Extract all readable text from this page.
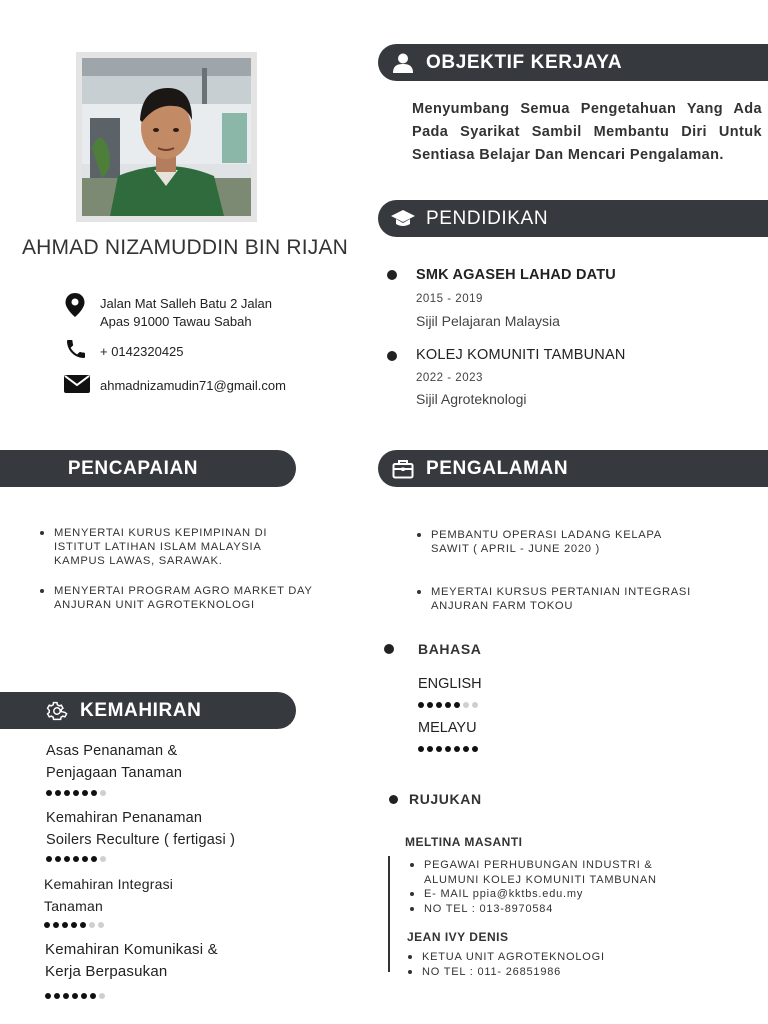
AHMAD NIZAMUDDIN BIN RIJAN
Jalan Mat Salleh Batu 2 Jalan
Apas 91000 Tawau Sabah
+ 0142320425
ahmadnizamudin71@gmail.com
OBJEKTIF KERJAYA
Menyumbang Semua Pengetahuan Yang Ada Pada Syarikat Sambil Membantu Diri Untuk Sentiasa Belajar Dan Mencari Pengalaman.
PENDIDIKAN
SMK AGASEH LAHAD DATU
2015 - 2019
Sijil Pelajaran Malaysia
KOLEJ KOMUNITI TAMBUNAN
2022 - 2023
Sijil Agroteknologi
PENCAPAIAN
MENYERTAI KURUS KEPIMPINAN DI
ISTITUT LATIHAN ISLAM MALAYSIA
KAMPUS LAWAS, SARAWAK.
MENYERTAI PROGRAM AGRO MARKET DAY
ANJURAN UNIT AGROTEKNOLOGI
PENGALAMAN
PEMBANTU OPERASI LADANG KELAPA
SAWIT ( APRIL - JUNE 2020 )
MEYERTAI KURSUS PERTANIAN INTEGRASI
ANJURAN FARM TOKOU
BAHASA
ENGLISH
MELAYU
KEMAHIRAN
Asas Penanaman &
Penjagaan Tanaman
Kemahiran Penanaman
Soilers Reculture ( fertigasi )
Kemahiran Integrasi
Tanaman
Kemahiran Komunikasi &
Kerja Berpasukan
RUJUKAN
MELTINA MASANTI
PEGAWAI PERHUBUNGAN INDUSTRI &
ALUMUNI KOLEJ KOMUNITI TAMBUNAN
E- MAIL ppia@kktbs.edu.my
NO TEL : 013-8970584
JEAN IVY DENIS
KETUA UNIT AGROTEKNOLOGI
NO TEL : 011- 26851986
